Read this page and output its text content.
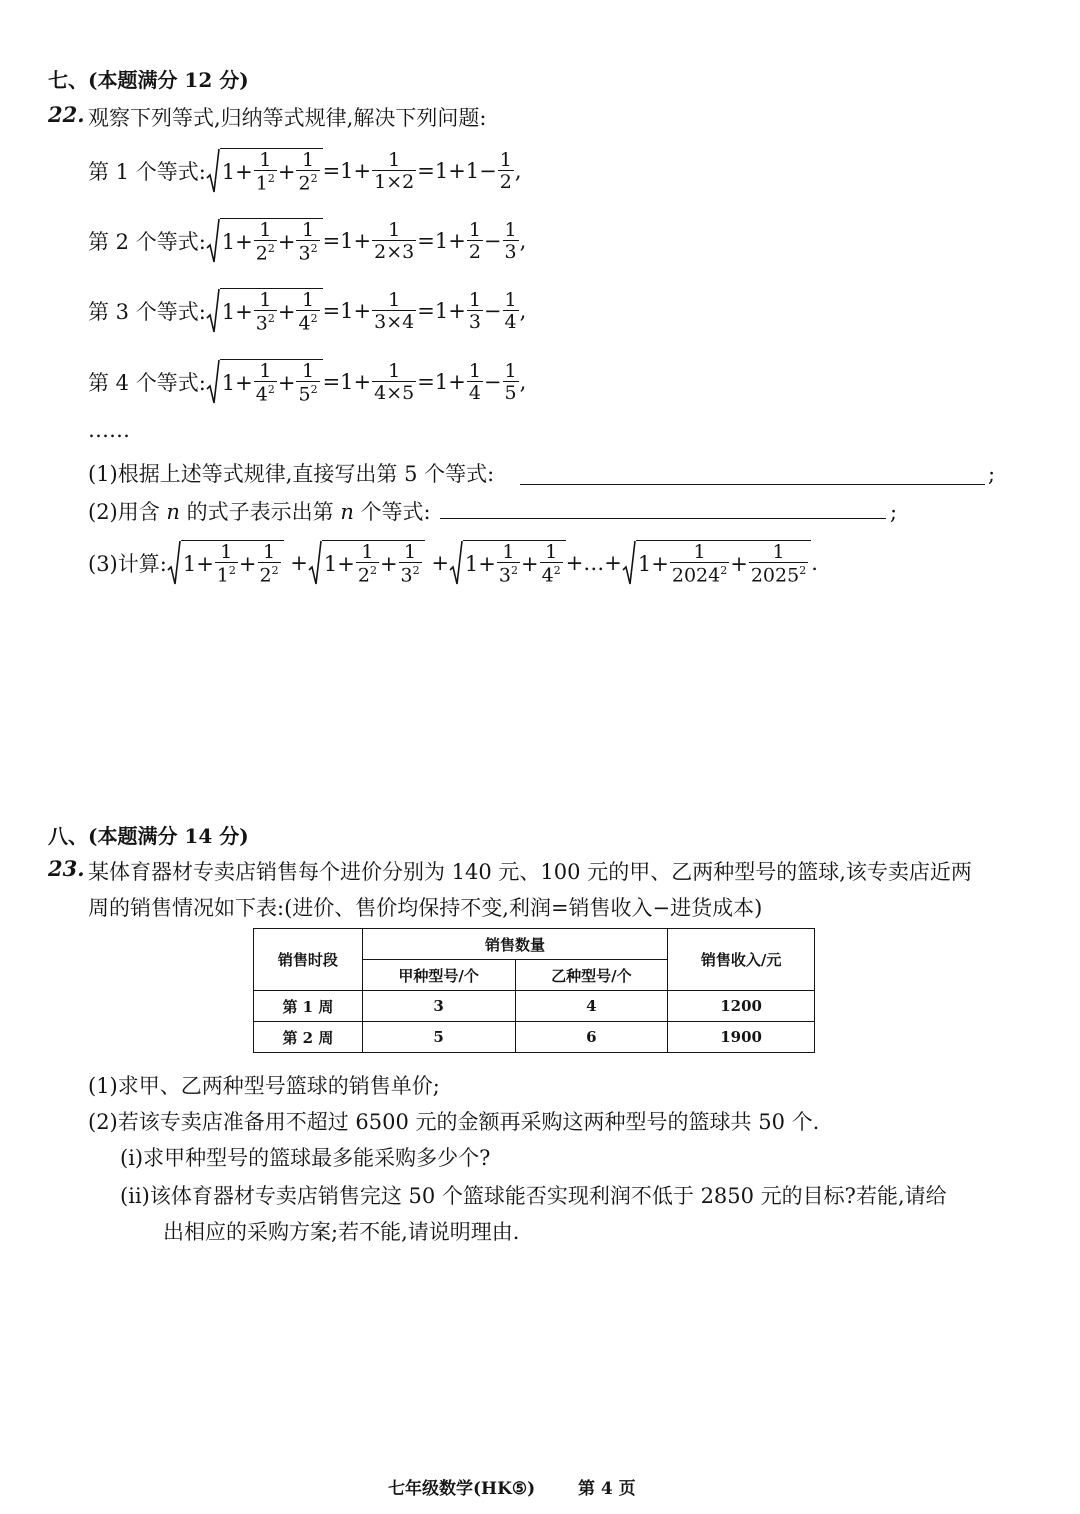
七、(本题满分 12 分)
22. 观察下列等式,归纳等式规律,解决下列问题:
第 1 个等式: $1+ \frac{1}{1^2} + \frac{1}{2^2} =1+ \frac{1}{1\times 2} = 1+1- \frac{1}{2}$ ,
第 2 个等式: $1+ \frac{1}{2^2} + \frac{1}{3^2} =1+ \frac{1}{2\times 3} = 1+ \frac{1}{2} - \frac{1}{3}$ ,
第 3 个等式: $1+ \frac{1}{3^2} + \frac{1}{4^2} =1+ \frac{1}{3\times 4} = 1+ \frac{1}{3} - \frac{1}{4}$ ,
第 4 个等式: $1+ \frac{1}{4^2} + \frac{1}{5^2} =1+ \frac{1}{4\times 5} = 1+ \frac{1}{4} - \frac{1}{5}$ ,
……
(1)根据上述等式规律,直接写出第 5 个等式:	;
(2)用含 n 的式子表示出第 n 个等式:	;
(3)计算: $1+ \frac{1}{1^2} + \frac{1}{2^2} + 1+ \frac{1}{2^2} + \frac{1}{3^2} + 1+ \frac{1}{3^2} + \frac{1}{4^2}$ +…+ $1+ \frac{1}{2024^2} + \frac{1}{2025^2}$ .
八、(本题满分 14 分)
23. 某体育器材专卖店销售每个进价分别为 140 元、100 元的甲、乙两种型号的篮球,该专卖店近两
周的销售情况如下表:(进价、售价均保持不变,利润=销售收入−进货成本)
销售时段	销售数量		销售收入/元
	甲种型号/个	乙种型号/个	
第 1 周	3	4	1200
第 2 周	5	6	1900
(1)求甲、乙两种型号篮球的销售单价;
(2)若该专卖店准备用不超过 6500 元的金额再采购这两种型号的篮球共 50 个.
(ⅰ)求甲种型号的篮球最多能采购多少个?
(ⅱ)该体育器材专卖店销售完这 50 个篮球能否实现利润不低于 2850 元的目标?若能,请给
出相应的采购方案;若不能,请说明理由.
七年级数学(HK⑤)	第 4 页
